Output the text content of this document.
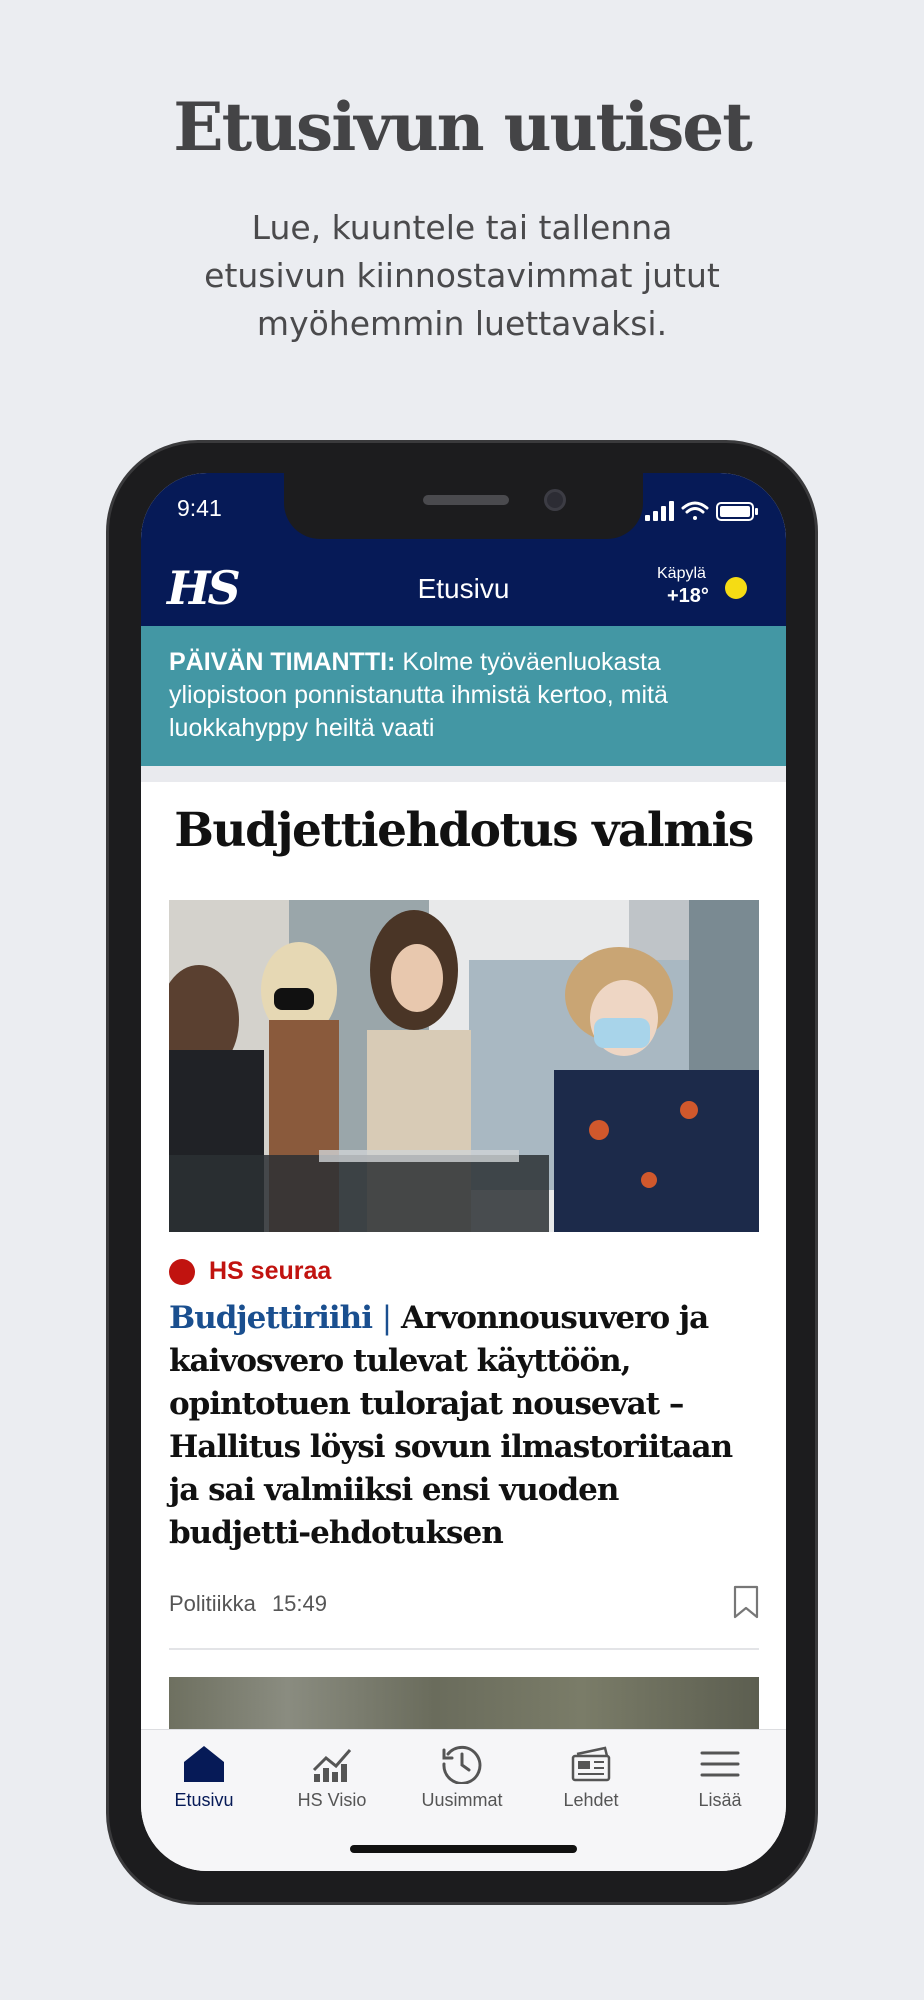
Etusivun uutiset
Lue, kuuntele tai tallenna etusivun kiinnostavimmat jutut myöhemmin luettavaksi.
9:41
HS	Etusivu	Käpylä
+18°
PÄIVÄN TIMANTTI: Kolme työväenluokasta yliopistoon ponnistanutta ihmistä kertoo, mitä luokkahyppy heiltä vaati
Budjettiehdotus valmis
HS seuraa
Budjettiriihi | Arvonnousuvero ja kaivosvero tulevat käyttöön, opintotuen tulorajat nousevat – Hallitus löysi sovun ilmastoriitaan ja sai valmiiksi ensi vuoden budjetti-ehdotuksen
Politiikka 15:49
Etusivu	HS Visio	Uusimmat	Lehdet	Lisää
